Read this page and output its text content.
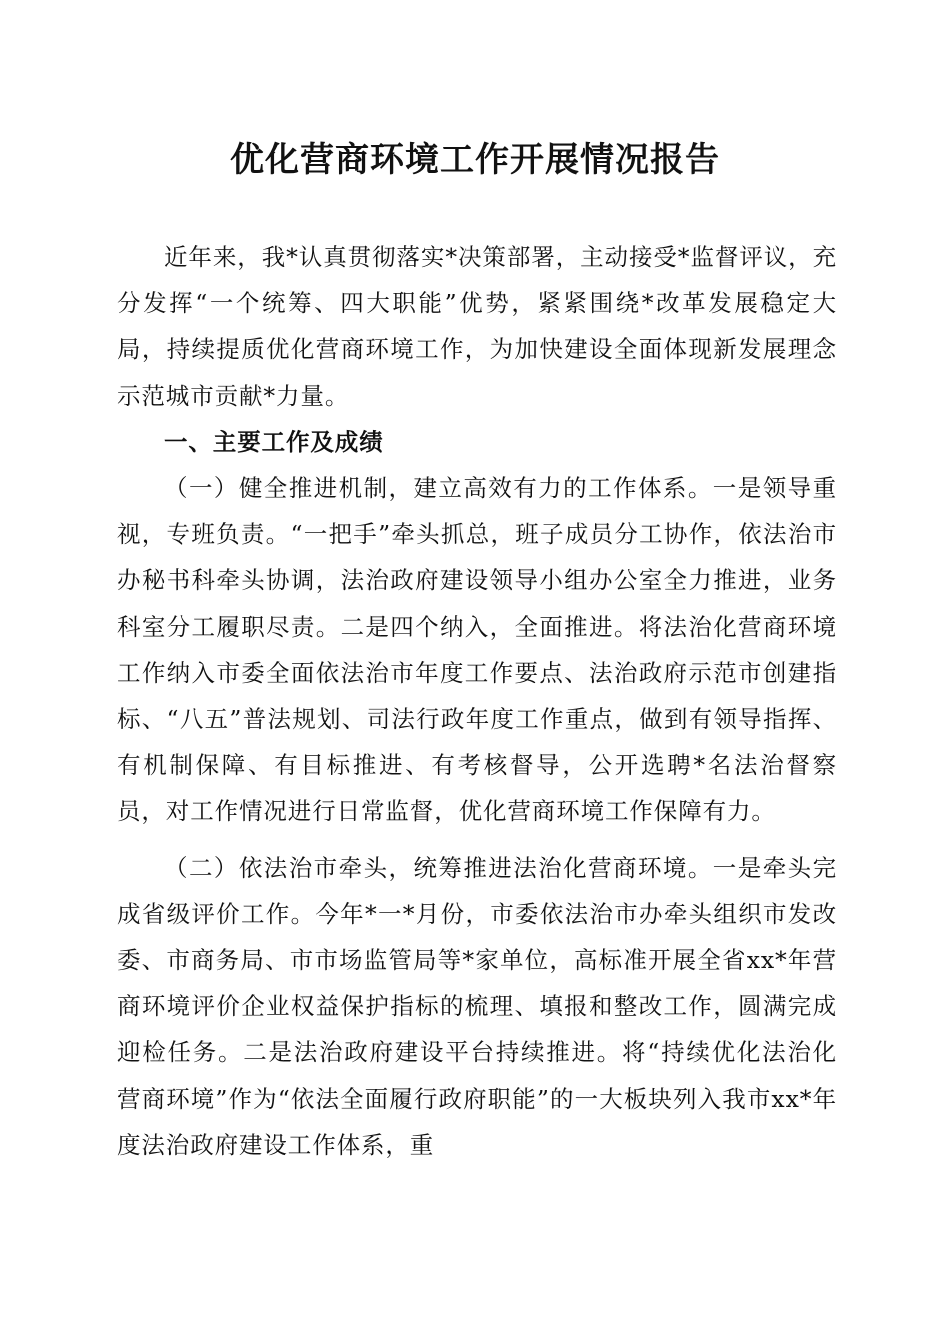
优化营商环境工作开展情况报告

近年来，我*认真贯彻落实*决策部署，主动接受*监督评议，充分发挥“一个统筹、四大职能”优势，紧紧围绕*改革发展稳定大局，持续提质优化营商环境工作，为加快建设全面体现新发展理念示范城市贡献*力量。

一、主要工作及成绩

（一）健全推进机制，建立高效有力的工作体系。一是领导重视，专班负责。“一把手”牵头抓总，班子成员分工协作，依法治市办秘书科牵头协调，法治政府建设领导小组办公室全力推进，业务科室分工履职尽责。二是四个纳入，全面推进。将法治化营商环境工作纳入市委全面依法治市年度工作要点、法治政府示范市创建指标、“八五”普法规划、司法行政年度工作重点，做到有领导指挥、有机制保障、有目标推进、有考核督导，公开选聘*名法治督察员，对工作情况进行日常监督，优化营商环境工作保障有力。

（二）依法治市牵头，统筹推进法治化营商环境。一是牵头完成省级评价工作。今年*一*月份，市委依法治市办牵头组织市发改委、市商务局、市市场监管局等*家单位，高标准开展全省xx*年营商环境评价企业权益保护指标的梳理、填报和整改工作，圆满完成迎检任务。二是法治政府建设平台持续推进。将“持续优化法治化营商环境”作为“依法全面履行政府职能”的一大板块列入我市xx*年度法治政府建设工作体系，重
